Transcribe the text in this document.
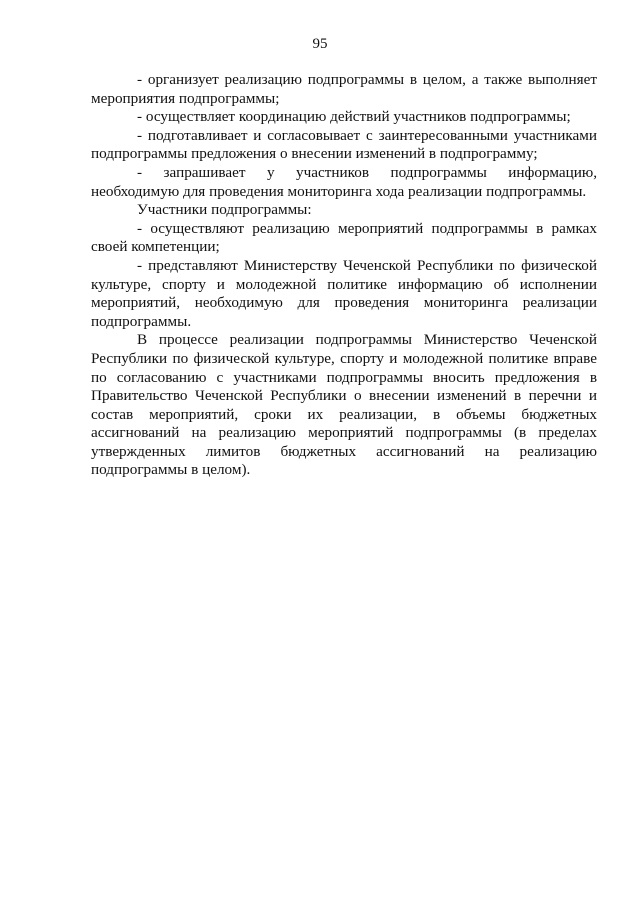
95

- организует реализацию подпрограммы в целом, а также выполняет мероприятия подпрограммы;

- осуществляет координацию действий участников подпрограммы;

- подготавливает и согласовывает с заинтересованными участниками подпрограммы предложения о внесении изменений в подпрограмму;

- запрашивает у участников подпрограммы информацию, необходимую для проведения мониторинга хода реализации подпрограммы.

Участники подпрограммы:

- осуществляют реализацию мероприятий подпрограммы в рамках своей компетенции;

- представляют Министерству Чеченской Республики по физической культуре, спорту и молодежной политике информацию об исполнении мероприятий, необходимую для проведения мониторинга реализации подпрограммы.

В процессе реализации подпрограммы Министерство Чеченской Республики по физической культуре, спорту и молодежной политике вправе по согласованию с участниками подпрограммы вносить предложения в Правительство Чеченской Республики о внесении изменений в перечни и состав мероприятий, сроки их реализации, в объемы бюджетных ассигнований на реализацию мероприятий подпрограммы (в пределах утвержденных лимитов бюджетных ассигнований на реализацию подпрограммы в целом).
